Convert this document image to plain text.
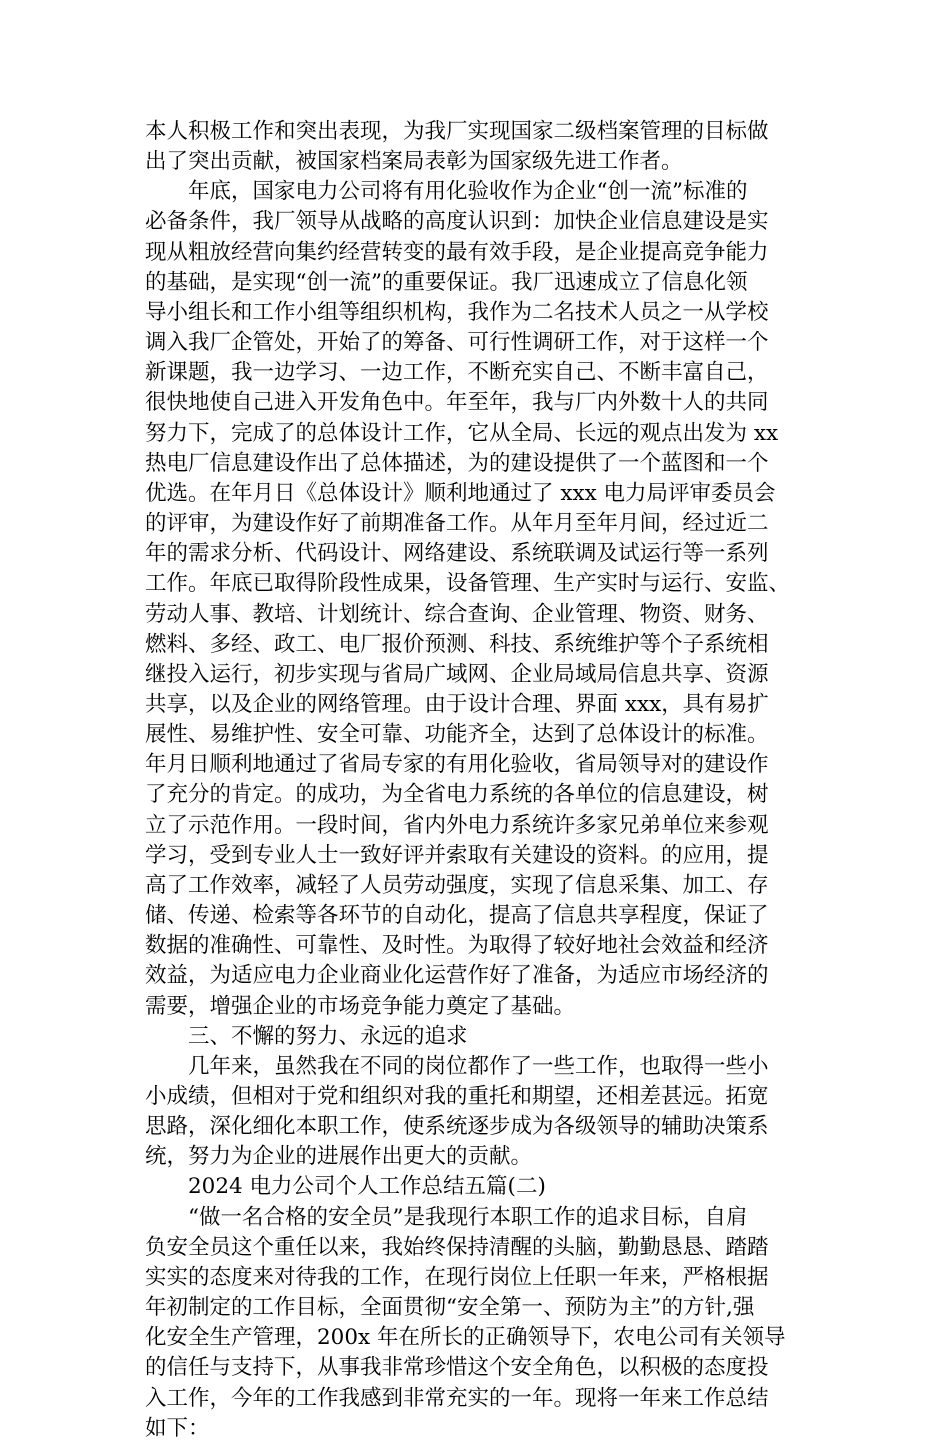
本人积极工作和突出表现，为我厂实现国家二级档案管理的目标做

出了突出贡献，被国家档案局表彰为国家级先进工作者。

　　年底，国家电力公司将有用化验收作为企业“创一流”标准的

必备条件，我厂领导从战略的高度认识到：加快企业信息建设是实

现从粗放经营向集约经营转变的最有效手段，是企业提高竞争能力

的基础，是实现“创一流”的重要保证。我厂迅速成立了信息化领

导小组长和工作小组等组织机构，我作为二名技术人员之一从学校

调入我厂企管处，开始了的筹备、可行性调研工作，对于这样一个

新课题，我一边学习、一边工作，不断充实自己、不断丰富自己，

很快地使自己进入开发角色中。年至年，我与厂内外数十人的共同

努力下，完成了的总体设计工作，它从全局、长远的观点出发为 xx

热电厂信息建设作出了总体描述，为的建设提供了一个蓝图和一个

优选。在年月日《总体设计》顺利地通过了 xxx 电力局评审委员会

的评审，为建设作好了前期准备工作。从年月至年月间，经过近二

年的需求分析、代码设计、网络建设、系统联调及试运行等一系列

工作。年底已取得阶段性成果，设备管理、生产实时与运行、安监、

劳动人事、教培、计划统计、综合查询、企业管理、物资、财务、

燃料、多经、政工、电厂报价预测、科技、系统维护等个子系统相

继投入运行，初步实现与省局广域网、企业局域局信息共享、资源

共享，以及企业的网络管理。由于设计合理、界面 xxx，具有易扩

展性、易维护性、安全可靠、功能齐全，达到了总体设计的标准。

年月日顺利地通过了省局专家的有用化验收，省局领导对的建设作

了充分的肯定。的成功，为全省电力系统的各单位的信息建设，树

立了示范作用。一段时间，省内外电力系统许多家兄弟单位来参观

学习，受到专业人士一致好评并索取有关建设的资料。的应用，提

高了工作效率，减轻了人员劳动强度，实现了信息采集、加工、存

储、传递、检索等各环节的自动化，提高了信息共享程度，保证了

数据的准确性、可靠性、及时性。为取得了较好地社会效益和经济

效益，为适应电力企业商业化运营作好了准备，为适应市场经济的

需要，增强企业的市场竞争能力奠定了基础。

　　三、不懈的努力、永远的追求

　　几年来，虽然我在不同的岗位都作了一些工作，也取得一些小

小成绩，但相对于党和组织对我的重托和期望，还相差甚远。拓宽

思路，深化细化本职工作，使系统逐步成为各级领导的辅助决策系

统，努力为企业的进展作出更大的贡献。

　　2024 电力公司个人工作总结五篇(二)

　　“做一名合格的安全员”是我现行本职工作的追求目标，自肩

负安全员这个重任以来，我始终保持清醒的头脑，勤勤恳恳、踏踏

实实的态度来对待我的工作，在现行岗位上任职一年来，严格根据

年初制定的工作目标，全面贯彻“安全第一、预防为主”的方针,强

化安全生产管理，200x 年在所长的正确领导下，农电公司有关领导

的信任与支持下，从事我非常珍惜这个安全角色，以积极的态度投

入工作，今年的工作我感到非常充实的一年。现将一年来工作总结

如下：
